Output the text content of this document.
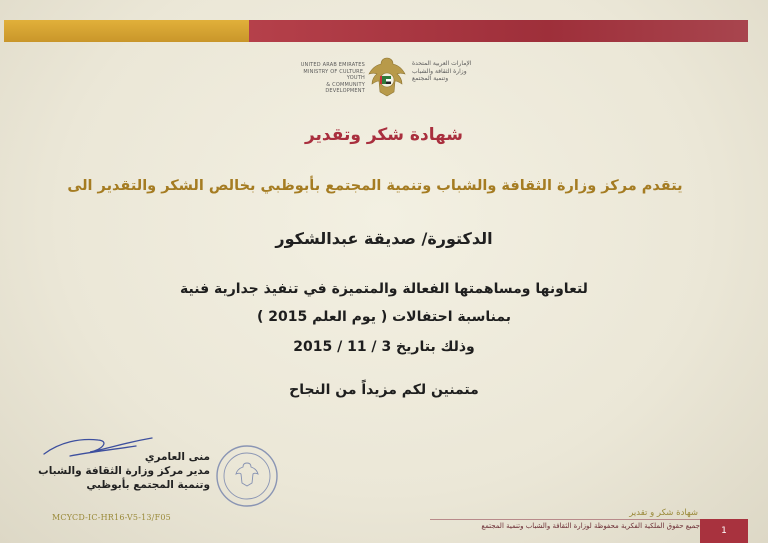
UNITED ARAB EMIRATES
MINISTRY OF CULTURE, YOUTH
& COMMUNITY DEVELOPMENT
الإمارات العربية المتحدة
وزارة الثقافة والشباب
وتنمية المجتمع
شهادة شكر وتقدير
يتقدم مركز وزارة الثقافة والشباب وتنمية المجتمع بأبوظبي بخالص الشكر والتقدير الى
الدكتورة/ صديقة عبدالشكور
لتعاونها ومساهمتها الفعالة والمتميزة في تنفيذ جدارية فنية
بمناسبة احتفالات ( يوم العلم 2015 )
وذلك بتاريخ 3 / 11 / 2015
متمنين لكم مزيداً من النجاح
منى العامري
مدير مركز وزارة الثقافة والشباب
وتنمية المجتمع بأبوظبي
MCYCD-IC-HR16-V5-13/F05	شهادة شكر و تقدير
جميع حقوق الملكية الفكرية محفوظة لوزارة الثقافة والشباب وتنمية المجتمع	1
